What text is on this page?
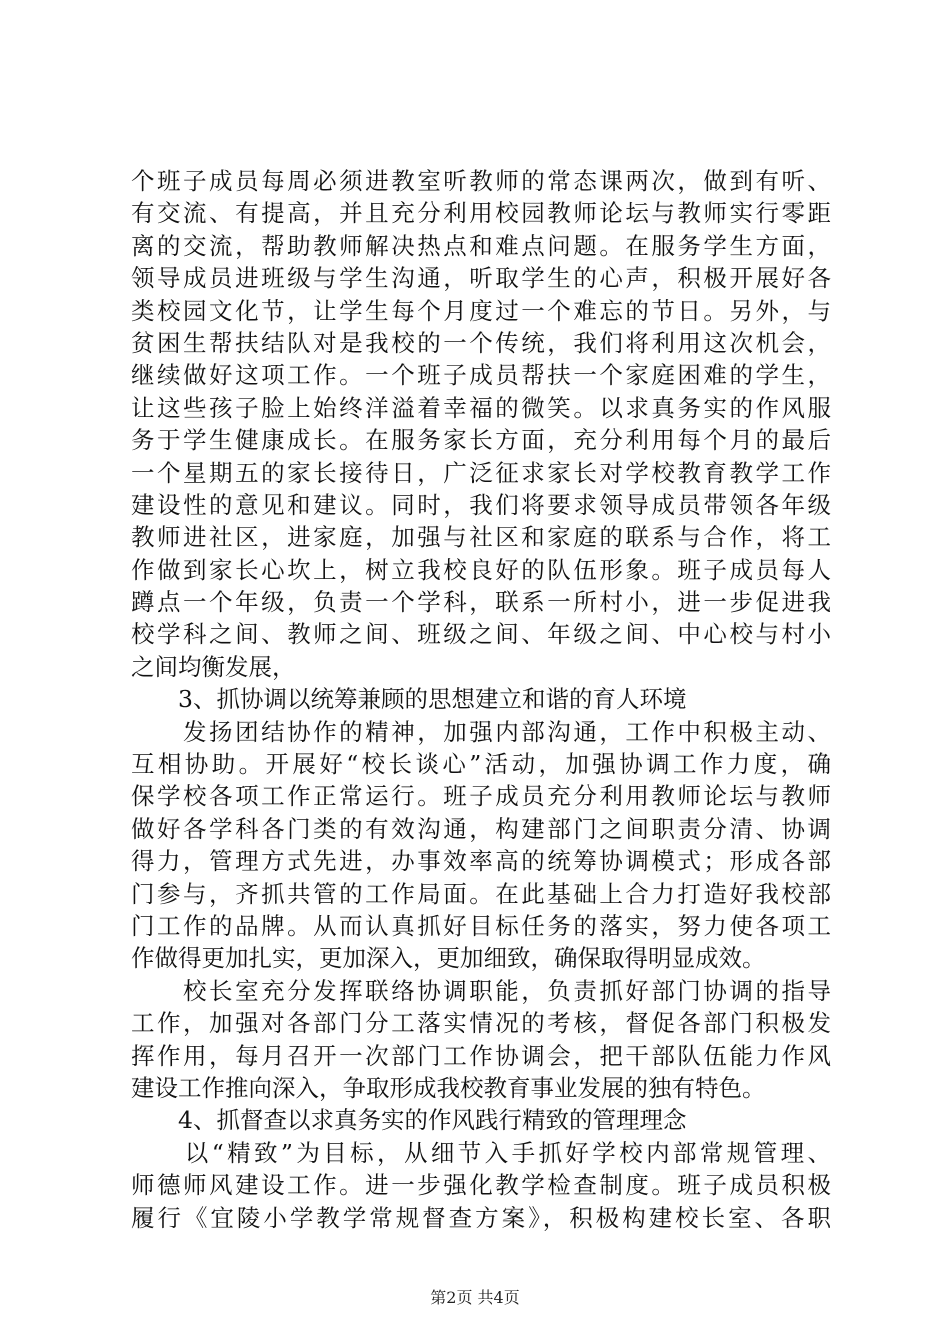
个班子成员每周必须进教室听教师的常态课两次，做到有听、
有交流、有提高，并且充分利用校园教师论坛与教师实行零距
离的交流，帮助教师解决热点和难点问题。在服务学生方面，
领导成员进班级与学生沟通，听取学生的心声，积极开展好各
类校园文化节，让学生每个月度过一个难忘的节日。另外，与
贫困生帮扶结队对是我校的一个传统，我们将利用这次机会，
继续做好这项工作。一个班子成员帮扶一个家庭困难的学生，
让这些孩子脸上始终洋溢着幸福的微笑。以求真务实的作风服
务于学生健康成长。在服务家长方面，充分利用每个月的最后
一个星期五的家长接待日，广泛征求家长对学校教育教学工作
建设性的意见和建议。同时，我们将要求领导成员带领各年级
教师进社区，进家庭，加强与社区和家庭的联系与合作，将工
作做到家长心坎上，树立我校良好的队伍形象。班子成员每人
蹲点一个年级，负责一个学科，联系一所村小，进一步促进我
校学科之间、教师之间、班级之间、年级之间、中心校与村小
之间均衡发展，
　　3、抓协调以统筹兼顾的思想建立和谐的育人环境
　　发扬团结协作的精神，加强内部沟通，工作中积极主动、
互相协助。开展好“校长谈心”活动，加强协调工作力度，确
保学校各项工作正常运行。班子成员充分利用教师论坛与教师
做好各学科各门类的有效沟通，构建部门之间职责分清、协调
得力，管理方式先进，办事效率高的统筹协调模式；形成各部
门参与，齐抓共管的工作局面。在此基础上合力打造好我校部
门工作的品牌。从而认真抓好目标任务的落实，努力使各项工
作做得更加扎实，更加深入，更加细致，确保取得明显成效。
　　校长室充分发挥联络协调职能，负责抓好部门协调的指导
工作，加强对各部门分工落实情况的考核，督促各部门积极发
挥作用，每月召开一次部门工作协调会，把干部队伍能力作风
建设工作推向深入，争取形成我校教育事业发展的独有特色。
　　4、抓督查以求真务实的作风践行精致的管理理念
　　以“精致”为目标，从细节入手抓好学校内部常规管理、
师德师风建设工作。进一步强化教学检查制度。班子成员积极
履行《宜陵小学教学常规督查方案》，积极构建校长室、各职
第2页 共4页
